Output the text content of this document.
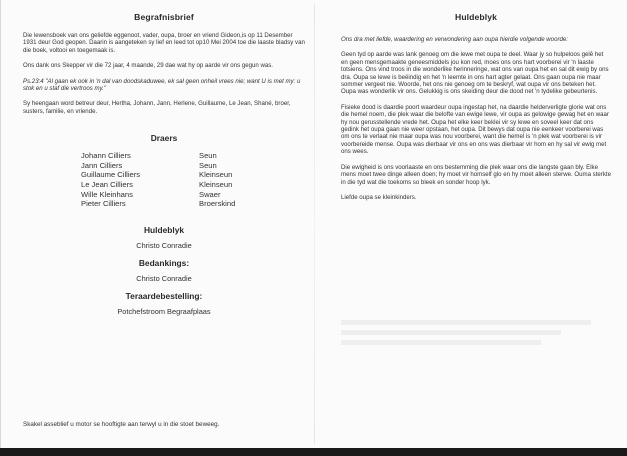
Begrafnisbrief

Die lewensboek van ons geliefde eggenoot, vader, oupa, broer en vriend Gideon,is op 11 Desember 1931 deur God geopen. Daarin is aangeteken sy lief en leed tot op10 Mei 2004 toe die laaste bladsy van die boek, voltooi en toegemaak is.

Ons dank ons Skepper vir die 72 jaar, 4 maande, 29 dae wat hy op aarde vir ons gegun was.

Ps.23:4 "Al gaan ek ook in 'n dal van doodskaduwee, ek sal geen onheil vrees nie; want U is met my: u stok en u staf die vertroos my."

Sy heengaan word betreur deur, Hertha, Johann, Jann, Herlene, Guillaume, Le Jean, Shané, broer, susters, familie, en vriende.

Draers

Johann Cilliers	Seun
Jann Cilliers	Seun
Guillaume Cilliers	Kleinseun
Le Jean Cilliers	Kleinseun
Wille Kleinhans	Swaer
Pieter Cilliers	Broerskind

Huldeblyk

Christo Conradie

Bedankings:

Christo Conradie

Teraardebestelling:

Potchefstroom Begraafplaas

Skakel asseblief u motor se hooftigte aan terwyl u in die stoet beweeg.

Huldeblyk

Ons dra met liefde, waardering en verwondering aan oupa hierdie volgende woorde:

Geen tyd op aarde was lank genoeg om die lewe met oupa te deel. Waar jy so hulpeloos gelê het en geen mensgemaakte geneesmiddels jou kon red, moes ons ons hart voorberei vir 'n laaste totsiens. Ons vind troos in die wonderlike herinneringe, wat ons van oupa het en sal dit ewig by ons dra. Oupa se lewe is beëindig en het 'n leemte in ons hart agter gelaat. Ons gaan oupa nie maar sommer vergeet nie. Woorde, het ons nie genoeg om te beskryf, wat oupa vir ons beteken het. Oupa was wonderlik vir ons. Gelukkig is ons skeiding deur die dood net 'n tydelike gebeurtenis.

Fisieke dood is daardie poort waardeur oupa ingestap het, na daardie helderverligte glorie wat ons die hemel noem, die plek waar die belofte van ewige lewe, vir oupa as gelowige gewag het en waar hy nou gerusstellende vrede het. Oupa het elke keer beklei vir sy lewe en soveel keer dat ons gedink het oupa gaan nie weer opstaan, het oupa. Dit bewys dat oupa nie eenkeer voorberei was om ons te verlaat nie maar oupa was nou voorberei, want die hemel is 'n plek wat voorberei is vir voorbereide mense. Oupa was dierbaar vir ons en ons was dierbaar vir hom en hy sal vir ewig met ons wees.

Die ewigheid is ons voorlaaste en ons bestemming die plek waar ons die langste gaan bly. Elke mens moet twee dinge alleen doen; hy moet vir homself glo en hy moet alleen sterwe. Ouma sterkte in die tyd wat die toekoms so bleek en sonder hoop lyk.

Liefde oupa se kleinkinders.
